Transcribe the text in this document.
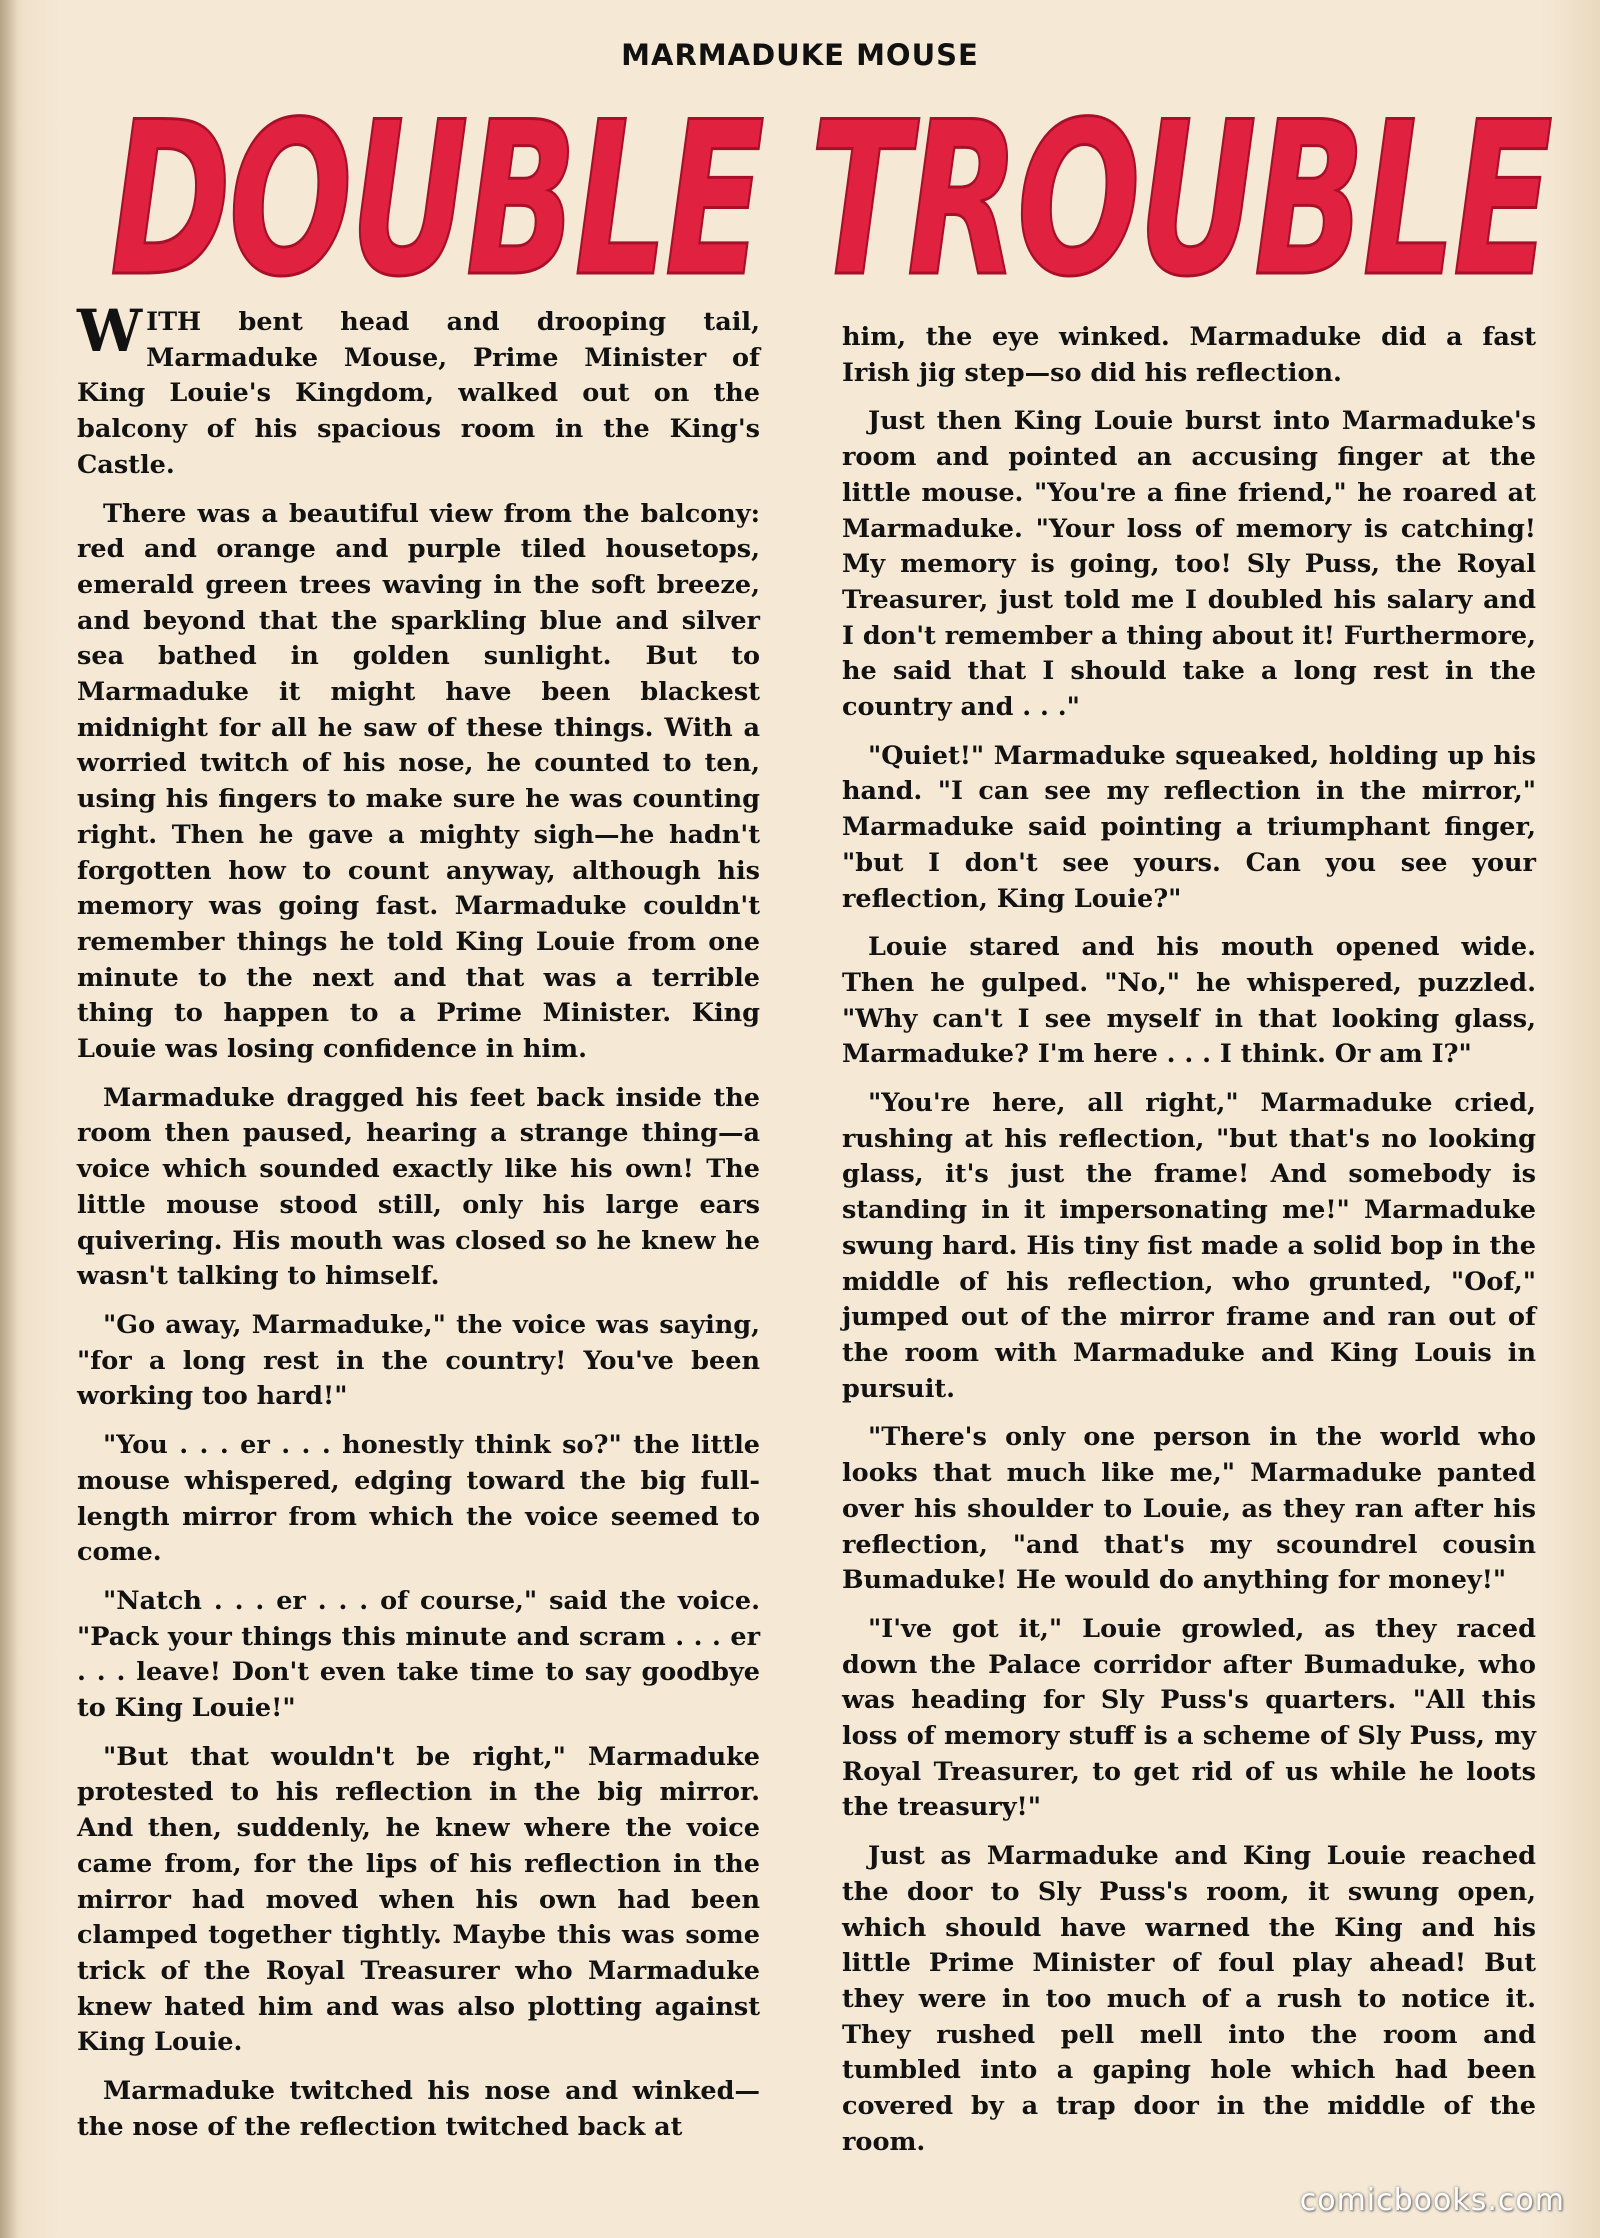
MARMADUKE MOUSE
DOUBLE TROUBLE

WITH bent head and drooping tail, Marmaduke Mouse, Prime Minister of King Louie's Kingdom, walked out on the balcony of his spacious room in the King's Castle.

There was a beautiful view from the balcony: red and orange and purple tiled housetops, emerald green trees waving in the soft breeze, and beyond that the sparkling blue and silver sea bathed in golden sunlight. But to Marmaduke it might have been blackest midnight for all he saw of these things. With a worried twitch of his nose, he counted to ten, using his fingers to make sure he was counting right. Then he gave a mighty sigh—he hadn't forgotten how to count anyway, although his memory was going fast. Marmaduke couldn't remember things he told King Louie from one minute to the next and that was a terrible thing to happen to a Prime Minister. King Louie was losing confidence in him.

Marmaduke dragged his feet back inside the room then paused, hearing a strange thing—a voice which sounded exactly like his own! The little mouse stood still, only his large ears quivering. His mouth was closed so he knew he wasn't talking to himself.

"Go away, Marmaduke," the voice was saying, "for a long rest in the country! You've been working too hard!"

"You . . . er . . . honestly think so?" the little mouse whispered, edging toward the big full-length mirror from which the voice seemed to come.

"Natch . . . er . . . of course," said the voice. "Pack your things this minute and scram . . . er . . . leave! Don't even take time to say goodbye to King Louie!"

"But that wouldn't be right," Marmaduke protested to his reflection in the big mirror. And then, suddenly, he knew where the voice came from, for the lips of his reflection in the mirror had moved when his own had been clamped together tightly. Maybe this was some trick of the Royal Treasurer who Marmaduke knew hated him and was also plotting against King Louie.

Marmaduke twitched his nose and winked—the nose of the reflection twitched back at

him, the eye winked. Marmaduke did a fast Irish jig step—so did his reflection.

Just then King Louie burst into Marmaduke's room and pointed an accusing finger at the little mouse. "You're a fine friend," he roared at Marmaduke. "Your loss of memory is catching! My memory is going, too! Sly Puss, the Royal Treasurer, just told me I doubled his salary and I don't remember a thing about it! Furthermore, he said that I should take a long rest in the country and . . ."

"Quiet!" Marmaduke squeaked, holding up his hand. "I can see my reflection in the mirror," Marmaduke said pointing a triumphant finger, "but I don't see yours. Can you see your reflection, King Louie?"

Louie stared and his mouth opened wide. Then he gulped. "No," he whispered, puzzled. "Why can't I see myself in that looking glass, Marmaduke? I'm here . . . I think. Or am I?"

"You're here, all right," Marmaduke cried, rushing at his reflection, "but that's no looking glass, it's just the frame! And somebody is standing in it impersonating me!" Marmaduke swung hard. His tiny fist made a solid bop in the middle of his reflection, who grunted, "Oof," jumped out of the mirror frame and ran out of the room with Marmaduke and King Louis in pursuit.

"There's only one person in the world who looks that much like me," Marmaduke panted over his shoulder to Louie, as they ran after his reflection, "and that's my scoundrel cousin Bumaduke! He would do anything for money!"

"I've got it," Louie growled, as they raced down the Palace corridor after Bumaduke, who was heading for Sly Puss's quarters. "All this loss of memory stuff is a scheme of Sly Puss, my Royal Treasurer, to get rid of us while he loots the treasury!"

Just as Marmaduke and King Louie reached the door to Sly Puss's room, it swung open, which should have warned the King and his little Prime Minister of foul play ahead! But they were in too much of a rush to notice it. They rushed pell mell into the room and tumbled into a gaping hole which had been covered by a trap door in the middle of the room.

comicbooks.com
